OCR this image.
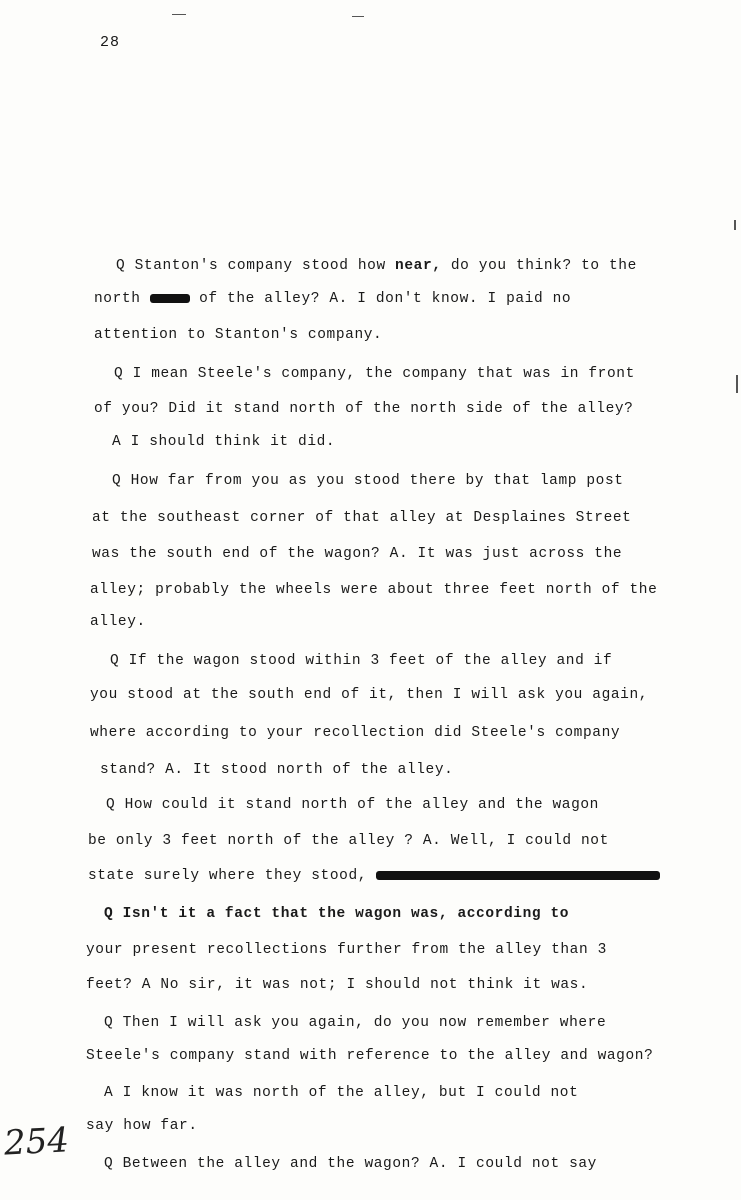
28
Q Stanton's company stood how near, do you think? to the
north	of the alley? A. I don't know. I paid no
attention to Stanton's company.
Q I mean Steele's company, the company that was in front
of you? Did it stand north of the north side of the alley?
A I should think it did.
Q How far from you as you stood there by that lamp post
at the southeast corner of that alley at Desplaines Street
was the south end of the wagon? A. It was just across the
alley; probably the wheels were about three feet north of the
alley.
Q If the wagon stood within 3 feet of the alley and if
you stood at the south end of it, then I will ask you again,
where according to your recollection did Steele's company
stand? A. It stood north of the alley.
Q How could it stand north of the alley and the wagon
be only 3 feet north of the alley ? A. Well, I could not
state surely where they stood,
Q Isn't it a fact that the wagon was, according to
your present recollections further from the alley than 3
feet? A No sir, it was not; I should not think it was.
Q Then I will ask you again, do you now remember where
Steele's company stand with reference to the alley and wagon?
A I know it was north of the alley, but I could not
say how far.
Q Between the alley and the wagon? A. I could not say
254
